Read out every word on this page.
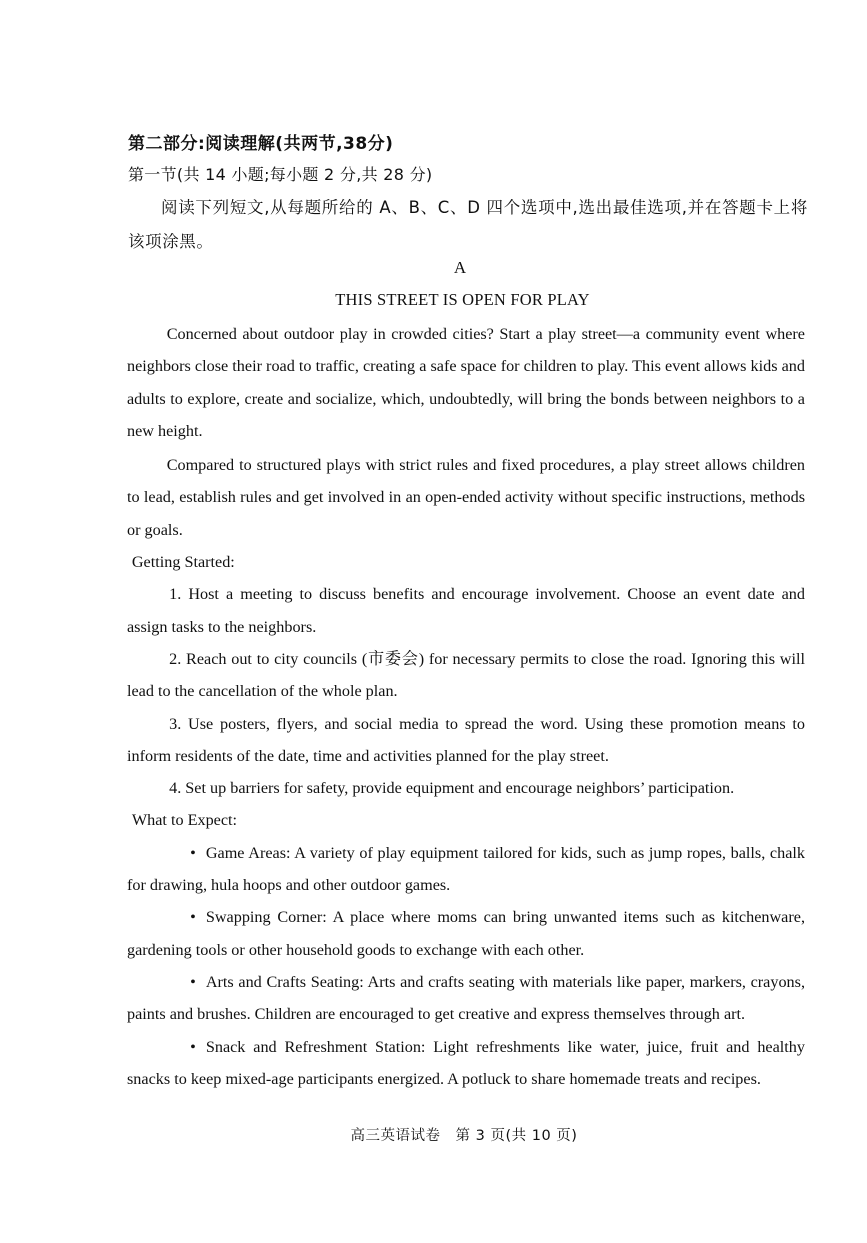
第二部分:阅读理解(共两节,38分)
第一节(共 14 小题;每小题 2 分,共 28 分)
阅读下列短文,从每题所给的 A、B、C、D 四个选项中,选出最佳选项,并在答题卡上将该项涂黑。
A
THIS STREET IS OPEN FOR PLAY

Concerned about outdoor play in crowded cities? Start a play street—a community event where neighbors close their road to traffic, creating a safe space for children to play. This event allows kids and adults to explore, create and socialize, which, undoubtedly, will bring the bonds between neighbors to a new height.

Compared to structured plays with strict rules and fixed procedures, a play street allows children to lead, establish rules and get involved in an open-ended activity without specific instructions, methods or goals.

Getting Started:

1. Host a meeting to discuss benefits and encourage involvement. Choose an event date and assign tasks to the neighbors.

2. Reach out to city councils (市委会) for necessary permits to close the road. Ignoring this will lead to the cancellation of the whole plan.

3. Use posters, flyers, and social media to spread the word. Using these promotion means to inform residents of the date, time and activities planned for the play street.

4. Set up barriers for safety, provide equipment and encourage neighbors’ participation.

What to Expect:

• Game Areas: A variety of play equipment tailored for kids, such as jump ropes, balls, chalk for drawing, hula hoops and other outdoor games.

• Swapping Corner: A place where moms can bring unwanted items such as kitchenware, gardening tools or other household goods to exchange with each other.

• Arts and Crafts Seating: Arts and crafts seating with materials like paper, markers, crayons, paints and brushes. Children are encouraged to get creative and express themselves through art.

• Snack and Refreshment Station: Light refreshments like water, juice, fruit and healthy snacks to keep mixed-age participants energized. A potluck to share homemade treats and recipes.

高三英语试卷　第 3 页(共 10 页)
